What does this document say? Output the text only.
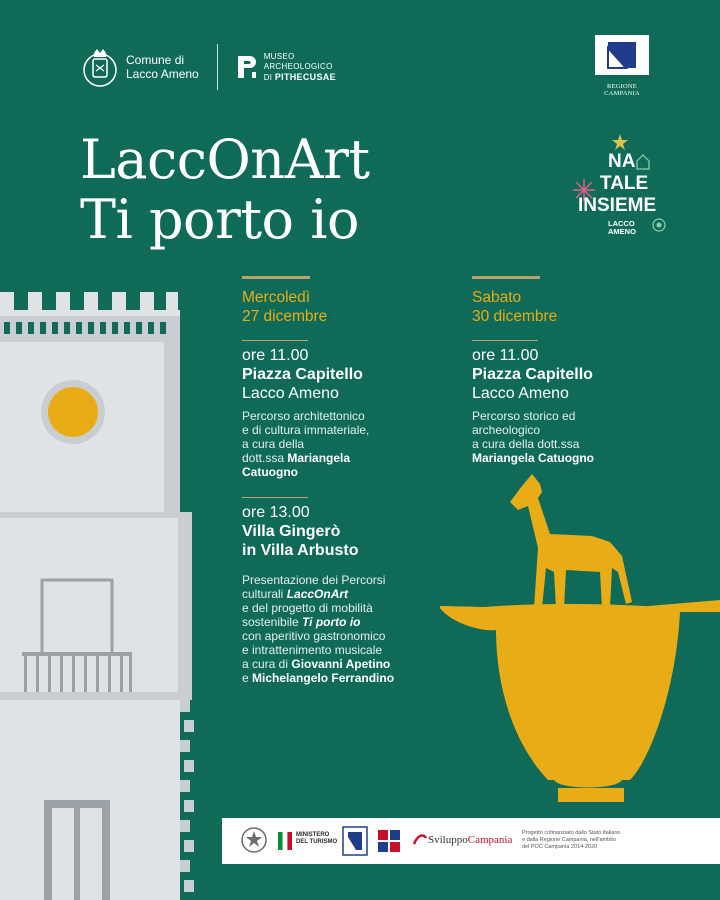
Comune di
Lacco Ameno
MUSEO
ARCHEOLOGICO
DI PITHECUSAE
REGIONE CAMPANIA
LaccOnArt
Ti porto io
NA
TALE
INSIEME
LACCO
AMENO
Mercoledì
27 dicembre
ore 11.00
Piazza Capitello
Lacco Ameno
Percorso architettonico
e di cultura immateriale,
a cura della
dott.ssa Mariangela
Catuogno
ore 13.00
Villa Gingerò
in Villa Arbusto
Presentazione dei Percorsi
culturali LaccOnArt
e del progetto di mobilità
sostenibile Ti porto io
con aperitivo gastronomico
e intrattenimento musicale
a cura di Giovanni Apetino
e Michelangelo Ferrandino
Sabato
30 dicembre
ore 11.00
Piazza Capitello
Lacco Ameno
Percorso storico ed
archeologico
a cura della dott.ssa
Mariangela Catuogno
MINISTERO
DEL TURISMO	SviluppoCampania
Progetto cofinanziato dallo Stato Italiano
e dalla Regione Campania, nell'ambito
del POC Campania 2014-2020
